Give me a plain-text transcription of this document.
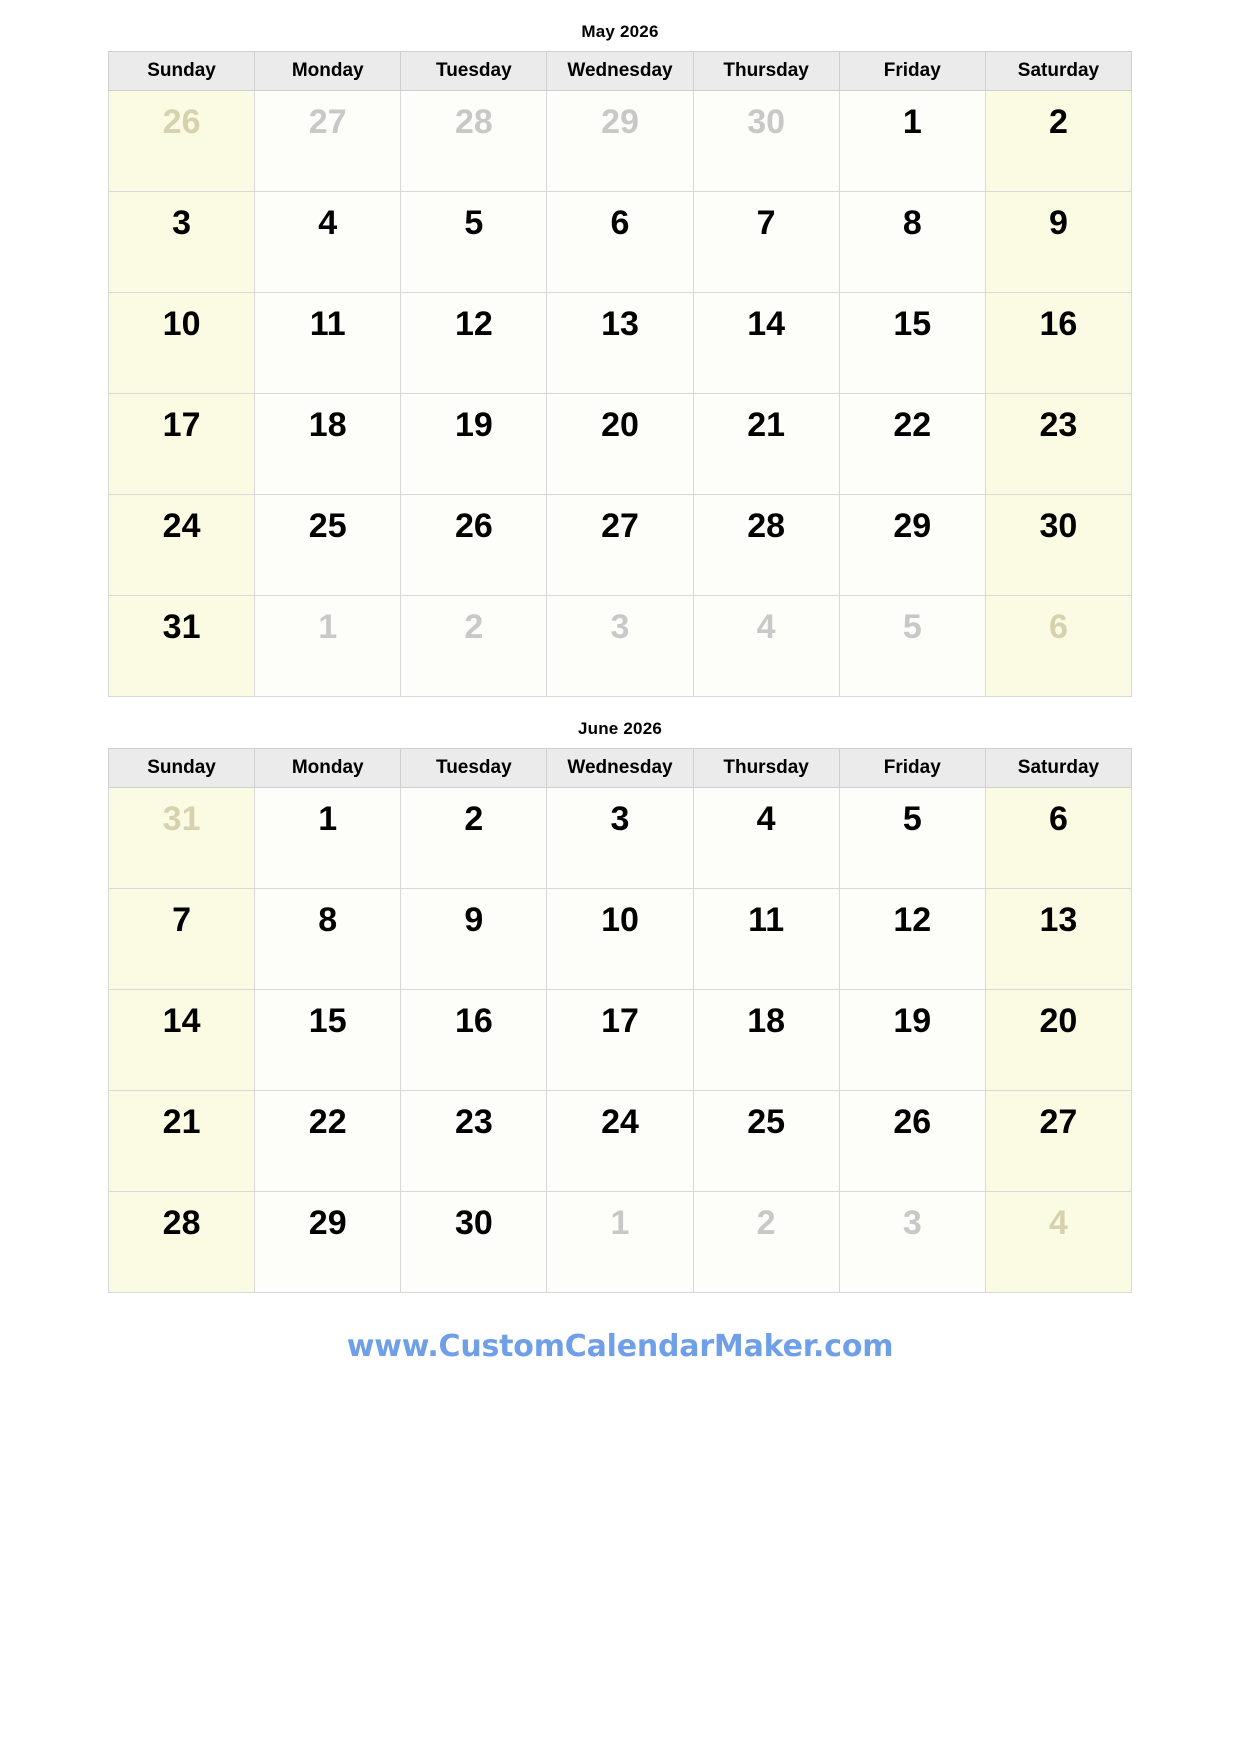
May 2026
Sunday	Monday	Tuesday	Wednesday	Thursday	Friday	Saturday

26	27	28	29	30	1	2

3	4	5	6	7	8	9

10	11	12	13	14	15	16

17	18	19	20	21	22	23

24	25	26	27	28	29	30

31	1	2	3	4	5	6
June 2026
Sunday	Monday	Tuesday	Wednesday	Thursday	Friday	Saturday

31	1	2	3	4	5	6

7	8	9	10	11	12	13

14	15	16	17	18	19	20

21	22	23	24	25	26	27

28	29	30	1	2	3	4
www.CustomCalendarMaker.com
